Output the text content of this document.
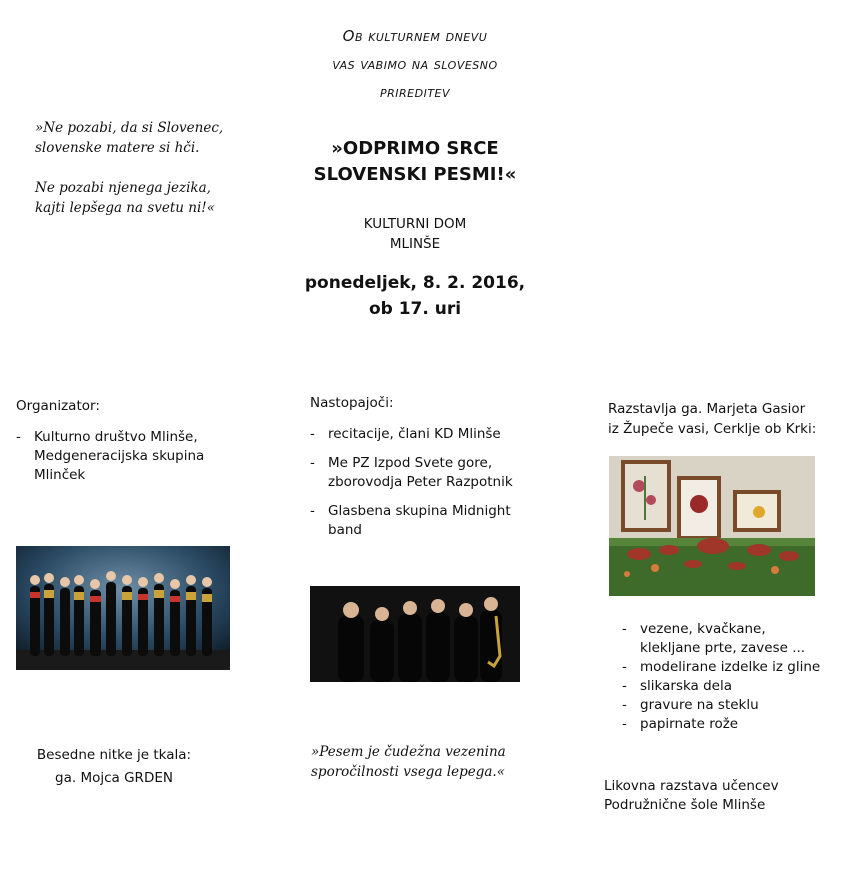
Ob kulturnem dnevu
vas vabimo na slovesno
prireditev
»Ne pozabi, da si Slovenec,
slovenske matere si hči.
Ne pozabi njenega jezika,
kajti lepšega na svetu ni!«
»ODPRIMO SRCE
SLOVENSKI PESMI!«
KULTURNI DOM
MLINŠE
ponedeljek, 8. 2. 2016,
ob 17. uri
Organizator:
- Kulturno društvo Mlinše,
Medgeneracijska skupina
Mlinček
Nastopajoči:
- recitacije, člani KD Mlinše
- Me PZ Izpod Svete gore,
zborovodja Peter Razpotnik
- Glasbena skupina Midnight
band
Razstavlja ga. Marjeta Gasior
iz Župeče vasi, Cerklje ob Krki:
- vezene, kvačkane,
klekljane prte, zavese ...
- modelirane izdelke iz gline
- slikarska dela
- gravure na steklu
- papirnate rože
Besedne nitke je tkala:
ga. Mojca GRDEN
»Pesem je čudežna vezenina
sporočilnosti vsega lepega.«
Likovna razstava učencev
Podružnične šole Mlinše
